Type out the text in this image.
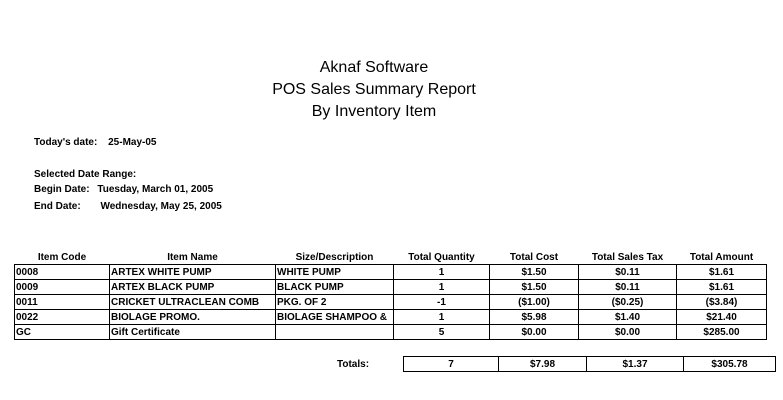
Aknaf Software
POS Sales Summary Report
By Inventory Item
Today's date: 25-May-05
Selected Date Range:
Begin Date: Tuesday, March 01, 2005
End Date: Wednesday, May 25, 2005
Item Code	Item Name	Size/Description	Total Quantity	Total Cost	Total Sales Tax	Total Amount
0008	ARTEX WHITE PUMP	WHITE PUMP	1	$1.50	$0.11	$1.61
0009	ARTEX BLACK PUMP	BLACK PUMP	1	$1.50	$0.11	$1.61
0011	CRICKET ULTRACLEAN COMB	PKG. OF 2	-1	($1.00)	($0.25)	($3.84)
0022	BIOLAGE PROMO.	BIOLAGE SHAMPOO &	1	$5.98	$1.40	$21.40
GC	Gift Certificate		5	$0.00	$0.00	$285.00
Totals:	7	$7.98	$1.37	$305.78
